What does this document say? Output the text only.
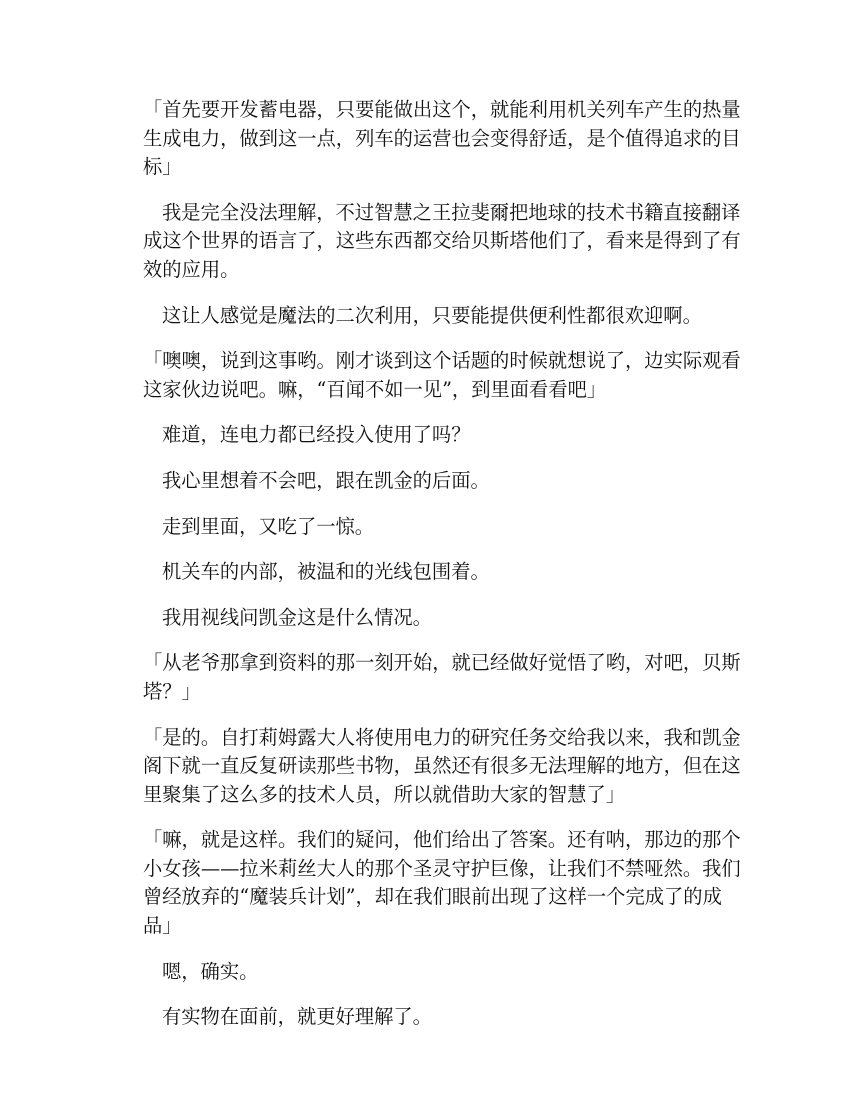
「首先要开发蓄电器，只要能做出这个，就能利用机关列车产生的热量生成电力，做到这一点，列车的运营也会变得舒适，是个值得追求的目标」

我是完全没法理解，不过智慧之王拉斐爾把地球的技术书籍直接翻译成这个世界的语言了，这些东西都交给贝斯塔他们了，看来是得到了有效的应用。

这让人感觉是魔法的二次利用，只要能提供便利性都很欢迎啊。

「噢噢，说到这事哟。刚才谈到这个话题的时候就想说了，边实际观看这家伙边说吧。嘛，“百闻不如一见”，到里面看看吧」

难道，连电力都已经投入使用了吗？

我心里想着不会吧，跟在凯金的后面。

走到里面，又吃了一惊。

机关车的内部，被温和的光线包围着。

我用视线问凯金这是什么情况。

「从老爷那拿到资料的那一刻开始，就已经做好觉悟了哟，对吧，贝斯塔？」

「是的。自打莉姆露大人将使用电力的研究任务交给我以来，我和凯金阁下就一直反复研读那些书物，虽然还有很多无法理解的地方，但在这里聚集了这么多的技术人员，所以就借助大家的智慧了」

「嘛，就是这样。我们的疑问，他们给出了答案。还有呐，那边的那个小女孩——拉米莉丝大人的那个圣灵守护巨像，让我们不禁哑然。我们曾经放弃的“魔装兵计划”，却在我们眼前出现了这样一个完成了的成品」

嗯，确实。

有实物在面前，就更好理解了。
